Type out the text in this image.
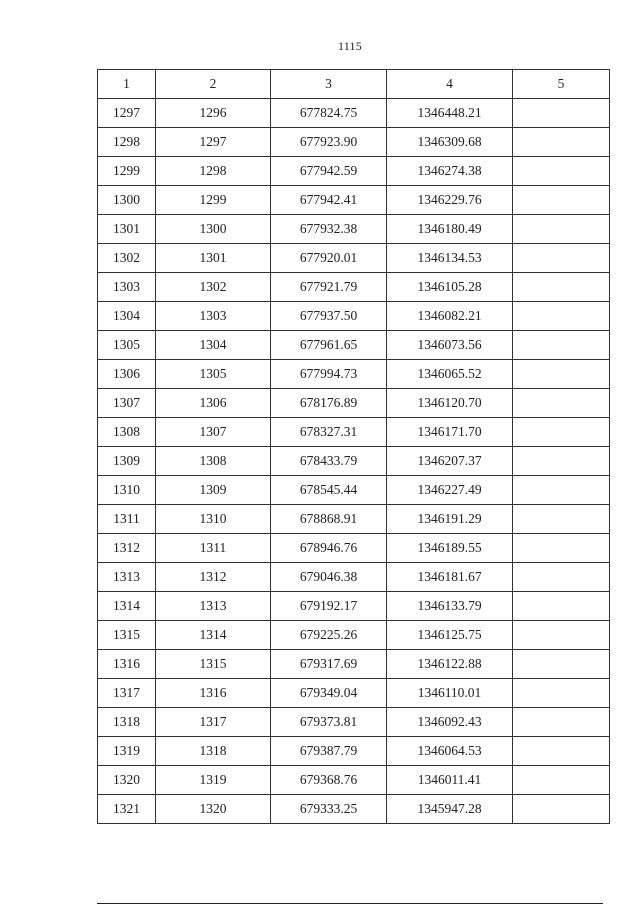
1115
1	2	3	4	5
1297	1296	677824.75	1346448.21	
1298	1297	677923.90	1346309.68	
1299	1298	677942.59	1346274.38	
1300	1299	677942.41	1346229.76	
1301	1300	677932.38	1346180.49	
1302	1301	677920.01	1346134.53	
1303	1302	677921.79	1346105.28	
1304	1303	677937.50	1346082.21	
1305	1304	677961.65	1346073.56	
1306	1305	677994.73	1346065.52	
1307	1306	678176.89	1346120.70	
1308	1307	678327.31	1346171.70	
1309	1308	678433.79	1346207.37	
1310	1309	678545.44	1346227.49	
1311	1310	678868.91	1346191.29	
1312	1311	678946.76	1346189.55	
1313	1312	679046.38	1346181.67	
1314	1313	679192.17	1346133.79	
1315	1314	679225.26	1346125.75	
1316	1315	679317.69	1346122.88	
1317	1316	679349.04	1346110.01	
1318	1317	679373.81	1346092.43	
1319	1318	679387.79	1346064.53	
1320	1319	679368.76	1346011.41	
1321	1320	679333.25	1345947.28	
